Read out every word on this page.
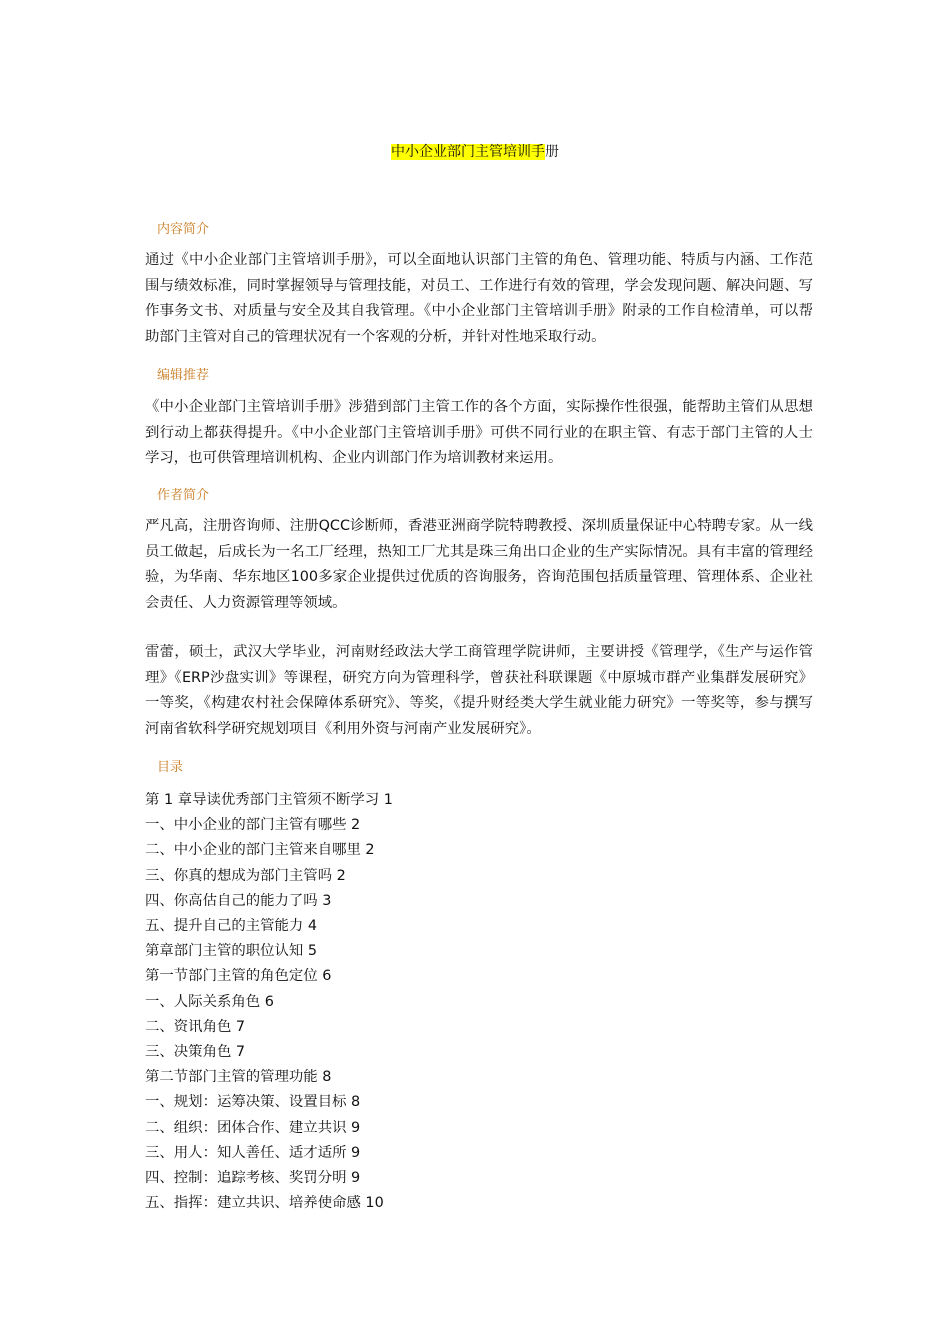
中小企业部门主管培训手册
内容简介
通过《中小企业部门主管培训手册》，可以全面地认识部门主管的角色、管理功能、特质与内涵、工作范围与绩效标准，同时掌握领导与管理技能，对员工、工作进行有效的管理，学会发现问题、解决问题、写作事务文书、对质量与安全及其自我管理。《中小企业部门主管培训手册》附录的工作自检清单，可以帮助部门主管对自己的管理状况有一个客观的分析，并针对性地采取行动。
编辑推荐
《中小企业部门主管培训手册》涉猎到部门主管工作的各个方面，实际操作性很强，能帮助主管们从思想到行动上都获得提升。《中小企业部门主管培训手册》可供不同行业的在职主管、有志于部门主管的人士学习，也可供管理培训机构、企业内训部门作为培训教材来运用。
作者简介
严凡高，注册咨询师、注册QCC诊断师，香港亚洲商学院特聘教授、深圳质量保证中心特聘专家。从一线员工做起，后成长为一名工厂经理，热知工厂尤其是珠三角出口企业的生产实际情况。具有丰富的管理经验，为华南、华东地区100多家企业提供过优质的咨询服务，咨询范围包括质量管理、管理体系、企业社会责任、人力资源管理等领域。
雷蕾，硕士，武汉大学毕业，河南财经政法大学工商管理学院讲师，主要讲授《管理学，《生产与运作管理》《ERP沙盘实训》等课程，研究方向为管理科学，曾获社科联课题《中原城市群产业集群发展研究》一等奖，《构建农村社会保障体系研究》、等奖，《提升财经类大学生就业能力研究》一等奖等，参与撰写河南省软科学研究规划项目《利用外资与河南产业发展研究》。
目录
第 1 章导读优秀部门主管须不断学习 1
一、中小企业的部门主管有哪些 2
二、中小企业的部门主管来自哪里 2
三、你真的想成为部门主管吗 2
四、你高估自己的能力了吗 3
五、提升自己的主管能力 4
第章部门主管的职位认知 5
第一节部门主管的角色定位 6
一、人际关系角色 6
二、资讯角色 7
三、决策角色 7
第二节部门主管的管理功能 8
一、规划：运筹决策、设置目标 8
二、组织：团体合作、建立共识 9
三、用人：知人善任、适才适所 9
四、控制：追踪考核、奖罚分明 9
五、指挥：建立共识、培养使命感 10
